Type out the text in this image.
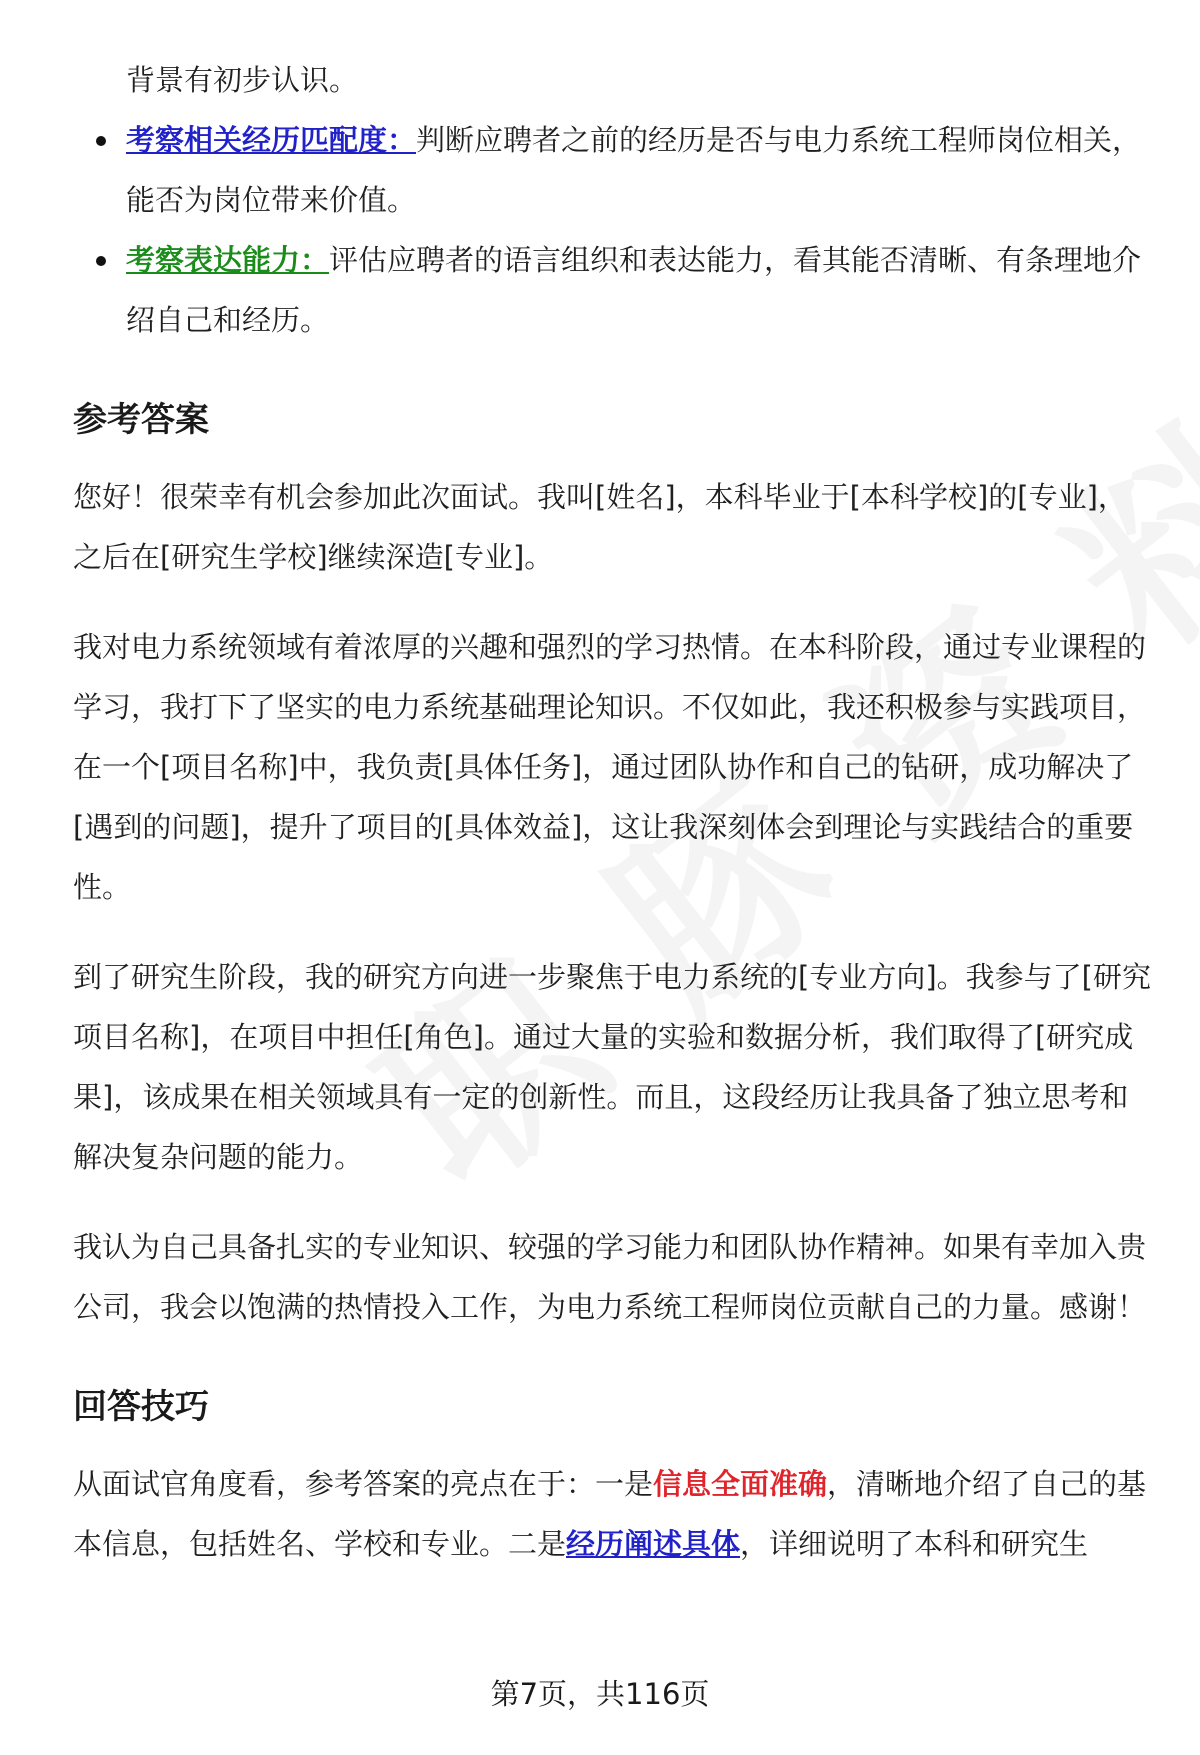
背景有初步认识。

考察相关经历匹配度：判断应聘者之前的经历是否与电力系统工程师岗位相关，能否为岗位带来价值。
考察表达能力：评估应聘者的语言组织和表达能力，看其能否清晰、有条理地介绍自己和经历。
参考答案

您好！很荣幸有机会参加此次面试。我叫[姓名]，本科毕业于[本科学校]的[专业]，之后在[研究生学校]继续深造[专业]。

我对电力系统领域有着浓厚的兴趣和强烈的学习热情。在本科阶段，通过专业课程的学习，我打下了坚实的电力系统基础理论知识。不仅如此，我还积极参与实践项目，在一个[项目名称]中，我负责[具体任务]，通过团队协作和自己的钻研，成功解决了[遇到的问题]，提升了项目的[具体效益]，这让我深刻体会到理论与实践结合的重要性。

到了研究生阶段，我的研究方向进一步聚焦于电力系统的[专业方向]。我参与了[研究项目名称]，在项目中担任[角色]。通过大量的实验和数据分析，我们取得了[研究成果]，该成果在相关领域具有一定的创新性。而且，这段经历让我具备了独立思考和解决复杂问题的能力。

我认为自己具备扎实的专业知识、较强的学习能力和团队协作精神。如果有幸加入贵公司，我会以饱满的热情投入工作，为电力系统工程师岗位贡献自己的力量。感谢！

回答技巧

从面试官角度看，参考答案的亮点在于：一是信息全面准确，清晰地介绍了自己的基本信息，包括姓名、学校和专业。二是经历阐述具体，详细说明了本科和研究生

第7页，共116页
